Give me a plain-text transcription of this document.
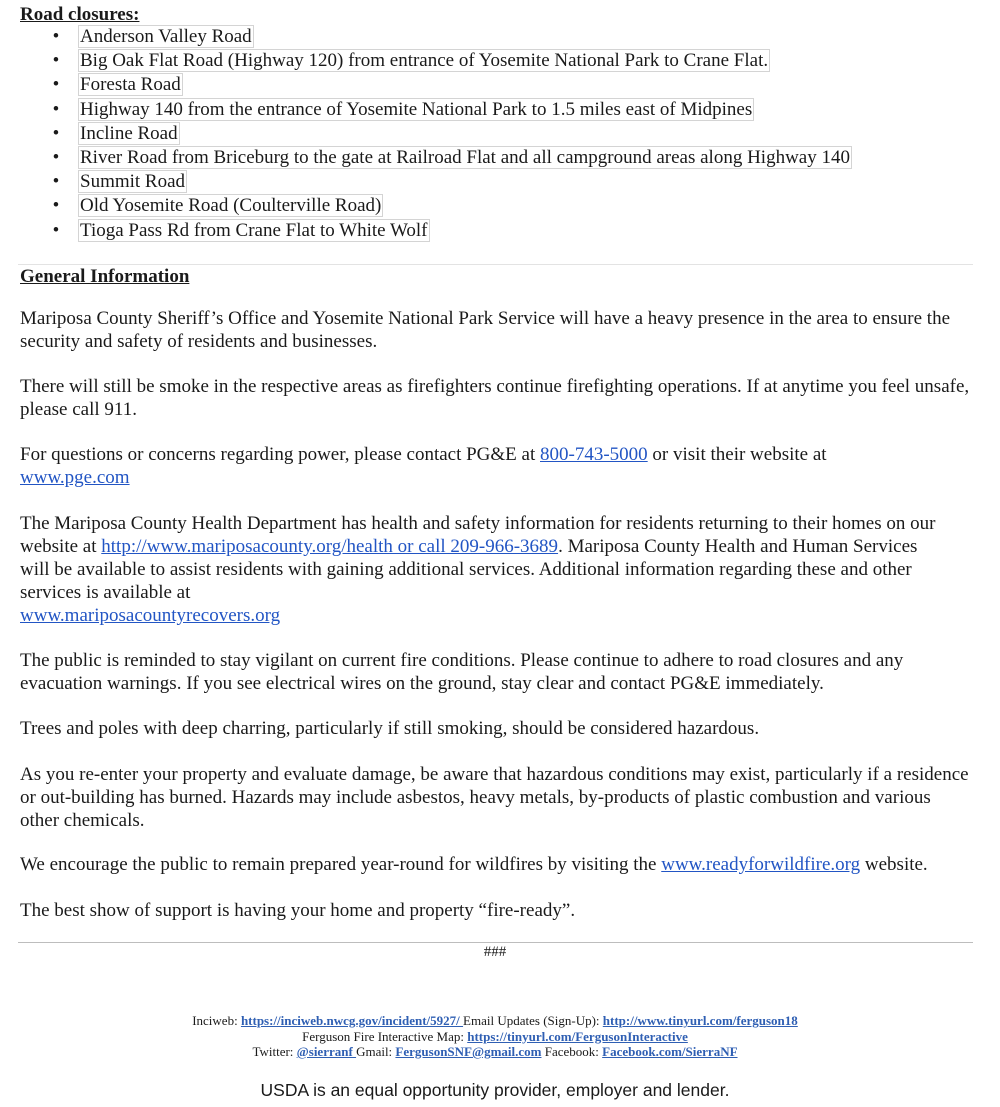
Road closures:
• Anderson Valley Road
• Big Oak Flat Road (Highway 120) from entrance of Yosemite National Park to Crane Flat.
• Foresta Road
• Highway 140 from the entrance of Yosemite National Park to 1.5 miles east of Midpines
• Incline Road
• River Road from Briceburg to the gate at Railroad Flat and all campground areas along Highway 140
• Summit Road
• Old Yosemite Road (Coulterville Road)
• Tioga Pass Rd from Crane Flat to White Wolf
General Information

Mariposa County Sheriff’s Office and Yosemite National Park Service will have a heavy presence in the area to ensure the security and safety of residents and businesses.

There will still be smoke in the respective areas as firefighters continue firefighting operations. If at anytime you feel unsafe, please call 911.

For questions or concerns regarding power, please contact PG&E at 800-743-5000 or visit their website at www.pge.com

The Mariposa County Health Department has health and safety information for residents returning to their homes on our website at http://www.mariposacounty.org/health or call 209-966-3689. Mariposa County Health and Human Services will be available to assist residents with gaining additional services. Additional information regarding these and other services is available at
www.mariposacountyrecovers.org

The public is reminded to stay vigilant on current fire conditions. Please continue to adhere to road closures and any evacuation warnings. If you see electrical wires on the ground, stay clear and contact PG&E immediately.

Trees and poles with deep charring, particularly if still smoking, should be considered hazardous.

As you re-enter your property and evaluate damage, be aware that hazardous conditions may exist, particularly if a residence or out-building has burned. Hazards may include asbestos, heavy metals, by-products of plastic combustion and various other chemicals.

We encourage the public to remain prepared year-round for wildfires by visiting the www.readyforwildfire.org website.

The best show of support is having your home and property “fire-ready”.

###
Inciweb: https://inciweb.nwcg.gov/incident/5927/ Email Updates (Sign-Up): http://www.tinyurl.com/ferguson18
Ferguson Fire Interactive Map: https://tinyurl.com/FergusonInteractive
Twitter: @sierranf Gmail: FergusonSNF@gmail.com Facebook: Facebook.com/SierraNF
USDA is an equal opportunity provider, employer and lender.
